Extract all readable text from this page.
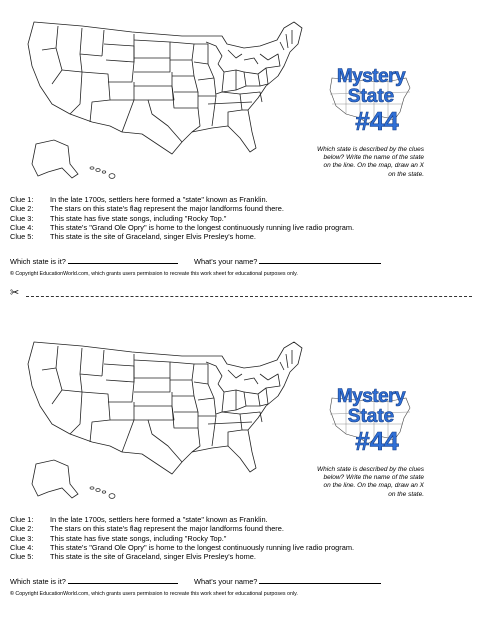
Mystery
State
#44
Which state is described by the clues below? Write the name of the state on the line. On the map, draw an X on the state.
Clue 1: In the late 1700s, settlers here formed a "state" known as Franklin.
Clue 2: The stars on this state's flag represent the major landforms found there.
Clue 3: This state has five state songs, including "Rocky Top."
Clue 4: This state's "Grand Ole Opry" is home to the longest continuously running live radio program.
Clue 5: This state is the site of Graceland, singer Elvis Presley's home.
Which state is it?	What's your name?
© Copyright EducationWorld.com, which grants users permission to recreate this work sheet for educational purposes only.
✂
Mystery
State
#44
Which state is described by the clues below? Write the name of the state on the line. On the map, draw an X on the state.
Clue 1: In the late 1700s, settlers here formed a "state" known as Franklin.
Clue 2: The stars on this state's flag represent the major landforms found there.
Clue 3: This state has five state songs, including "Rocky Top."
Clue 4: This state's "Grand Ole Opry" is home to the longest continuously running live radio program.
Clue 5: This state is the site of Graceland, singer Elvis Presley's home.
Which state is it?	What's your name?
© Copyright EducationWorld.com, which grants users permission to recreate this work sheet for educational purposes only.
